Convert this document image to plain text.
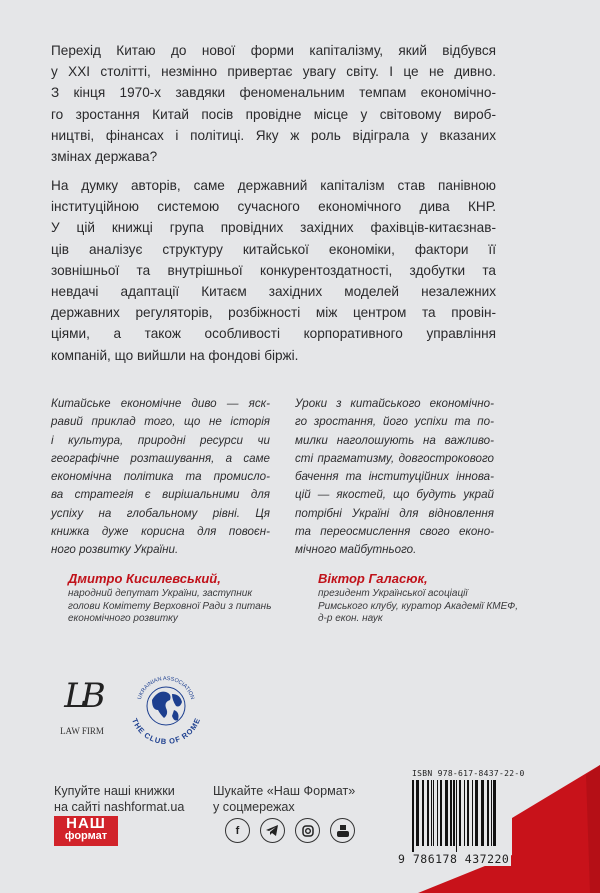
Перехід Китаю до нової форми капіталізму, який відбувся
у ХХІ столітті, незмінно привертає увагу світу. І це не дивно.
З кінця 1970-х завдяки феноменальним темпам економічно-
го зростання Китай посів провідне місце у світовому вироб-
ництві, фінансах і політиці. Яку ж роль відіграла у вказаних
змінах держава?
На думку авторів, саме державний капіталізм став панівною
інституційною системою сучасного економічного дива КНР.
У цій книжці група провідних західних фахівців-китаєзнав-
ців аналізує структуру китайської економіки, фактори її
зовнішньої та внутрішньої конкурентоздатності, здобутки та
невдачі адаптації Китаєм західних моделей незалежних
державних регуляторів, розбіжності між центром та провін-
ціями, а також особливості корпоративного управління
компаній, що вийшли на фондові біржі.
Китайське економічне диво — яск-
равий приклад того, що не історія
і культура, природні ресурси чи
географічне розташування, а саме
економічна політика та промисло-
ва стратегія є вирішальними для
успіху на глобальному рівні. Ця
книжка дуже корисна для повоєн-
ного розвитку України.
Уроки з китайського економічно-
го зростання, його успіхи та по-
милки наголошують на важливо-
сті прагматизму, довгострокового
бачення та інституційних іннова-
цій — якостей, що будуть украй
потрібні Україні для відновлення
та переосмислення свого еконо-
мічного майбутнього.
Дмитро Кисилевський,
народний депутат України, заступник
голови Комітету Верховної Ради з питань
економічного розвитку
Віктор Галасюк,
президент Української асоціації
Римського клубу, куратор Академії КМЕФ,
д-р екон. наук
LB
LAW FIRM
UKRAINIAN ASSOCIATION
THE CLUB OF ROME
Купуйте наші книжки
на сайті nashformat.ua
НАШ
формат
Шукайте «Наш Формат»
у соцмережах
f
ISBN 978-617-8437-22-0
9 786178 437220
